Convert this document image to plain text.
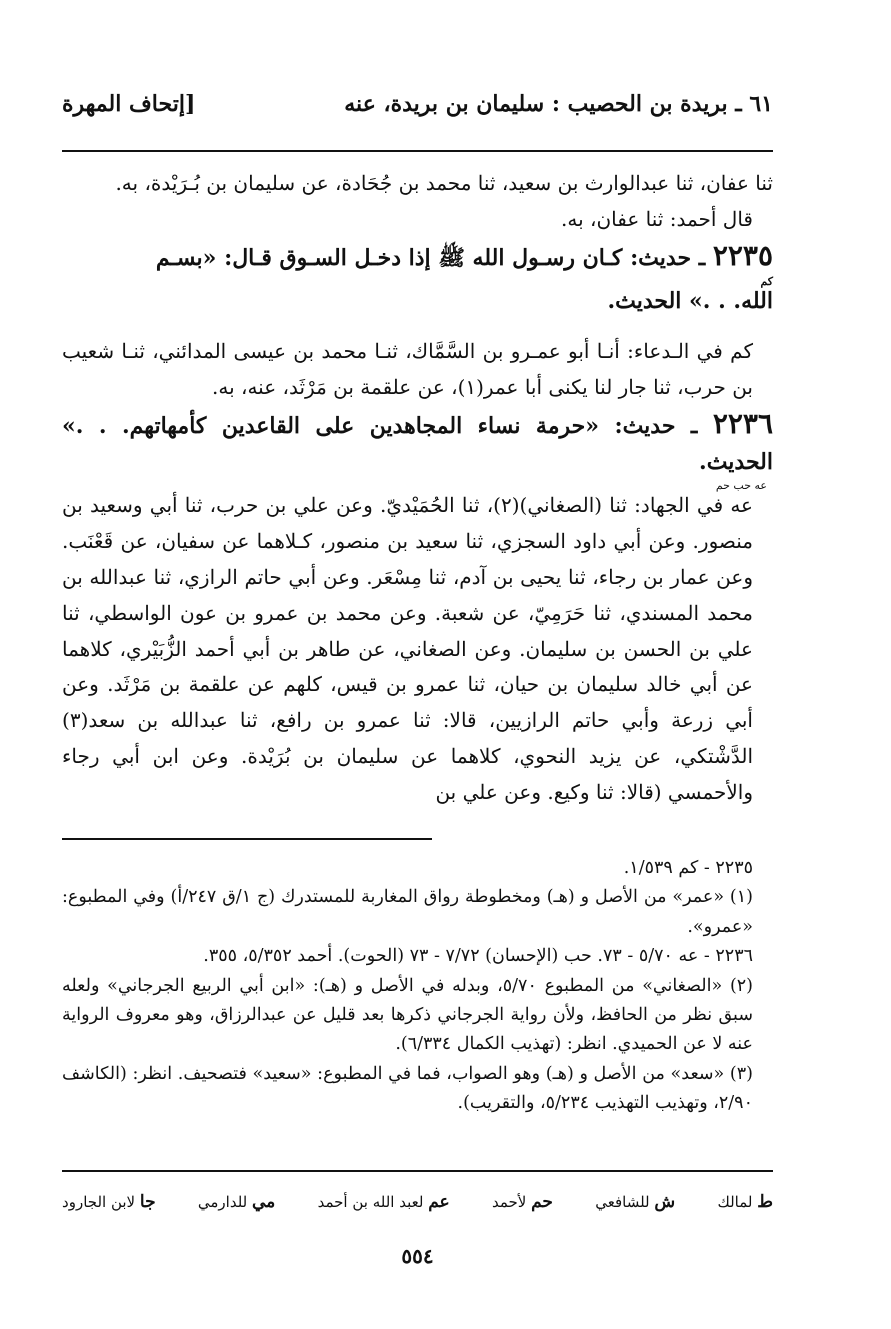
٦١ ـ بريدة بن الحصيب : سليمان بن بريدة، عنه
[إتحاف المهرة

ثنا عفان، ثنا عبدالوارث بن سعيد، ثنا محمد بن جُحَادة، عن سليمان بن بُـرَيْدة، به.

قال أحمد: ثنا عفان، به.

٢٢٣٥ ـ حديث: كـان رسـول الله ﷺ إذا دخـل السـوق قـال: «بسـم

كم
الله. . .» الحديث.

كم في الـدعاء: أنـا أبو عمـرو بن السَّمَّاك، ثنـا محمد بن عيسى المدائني، ثنـا شعيب بن حرب، ثنا جار لنا يكنى أبا عمر(١)، عن علقمة بن مَرْثَد، عنه، به.

٢٢٣٦ ـ حديث: «حرمة نساء المجاهدين على القاعدين كأمهاتهم. . .» الحديث.

عه حب حم

عه في الجهاد: ثنا (الصغاني)(٢)، ثنا الحُمَيْديّ. وعن علي بن حرب، ثنا أبي وسعيد بن منصور. وعن أبي داود السجزي، ثنا سعيد بن منصور، كـلاهما عن سفيان، عن قَعْنَب. وعن عمار بن رجاء، ثنا يحيى بن آدم، ثنا مِسْعَر. وعن أبي حاتم الرازي، ثنا عبدالله بن محمد المسندي، ثنا حَرَمِيّ، عن شعبة. وعن محمد بن عمرو بن عون الواسطي، ثنا علي بن الحسن بن سليمان. وعن الصغاني، عن طاهر بن أبي أحمد الزُّبَيْري، كلاهما عن أبي خالد سليمان بن حيان، ثنا عمرو بن قيس، كلهم عن علقمة بن مَرْثَد. وعن أبي زرعة وأبي حاتم الرازيين، قالا: ثنا عمرو بن رافع، ثنا عبدالله بن سعد(٣) الدَّشْتكي، عن يزيد النحوي، كلاهما عن سليمان بن بُرَيْدة. وعن ابن أبي رجاء والأحمسي (قالا: ثنا وكيع. وعن علي بن

٢٢٣٥ - كم ١/٥٣٩.

(١) «عمر» من الأصل و (هـ) ومخطوطة رواق المغاربة للمستدرك (ج ١/ق ٢٤٧/أ) وفي المطبوع: «عمرو».

٢٢٣٦ - عه ٥/٧٠ - ٧٣. حب (الإحسان) ٧/٧٢ - ٧٣ (الحوت). أحمد ٥/٣٥٢، ٣٥٥.

(٢) «الصغاني» من المطبوع ٥/٧٠، وبدله في الأصل و (هـ): «ابن أبي الربيع الجرجاني» ولعله سبق نظر من الحافظ، ولأن رواية الجرجاني ذكرها بعد قليل عن عبدالرزاق، وهو معروف الرواية عنه لا عن الحميدي. انظر: (تهذيب الكمال ٦/٣٣٤).

(٣) «سعد» من الأصل و (هـ) وهو الصواب، فما في المطبوع: «سعيد» فتصحيف. انظر: (الكاشف ٢/٩٠، وتهذيب التهذيب ٥/٢٣٤، والتقريب).

ط لمالك
ش للشافعي
حم لأحمد
عم لعبد الله بن أحمد
مي للدارمي
جا لابن الجارود
٥٥٤
